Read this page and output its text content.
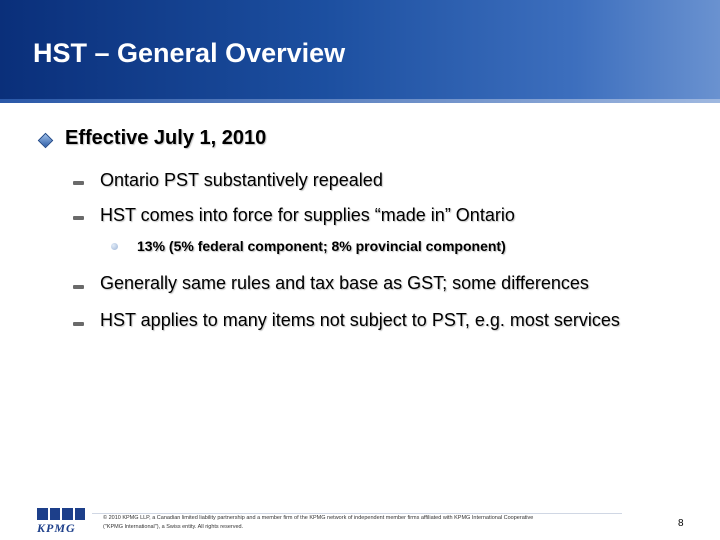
HST – General Overview
Effective July 1, 2010
Ontario PST substantively repealed
HST comes into force for supplies “made in” Ontario
13% (5% federal component; 8% provincial component)
Generally same rules and tax base as GST; some differences
HST applies to many items not subject to PST, e.g. most services
KPMG
© 2010 KPMG LLP, a Canadian limited liability partnership and a member firm of the KPMG network of independent member firms affiliated with KPMG International Cooperative
("KPMG International"), a Swiss entity. All rights reserved.	8
